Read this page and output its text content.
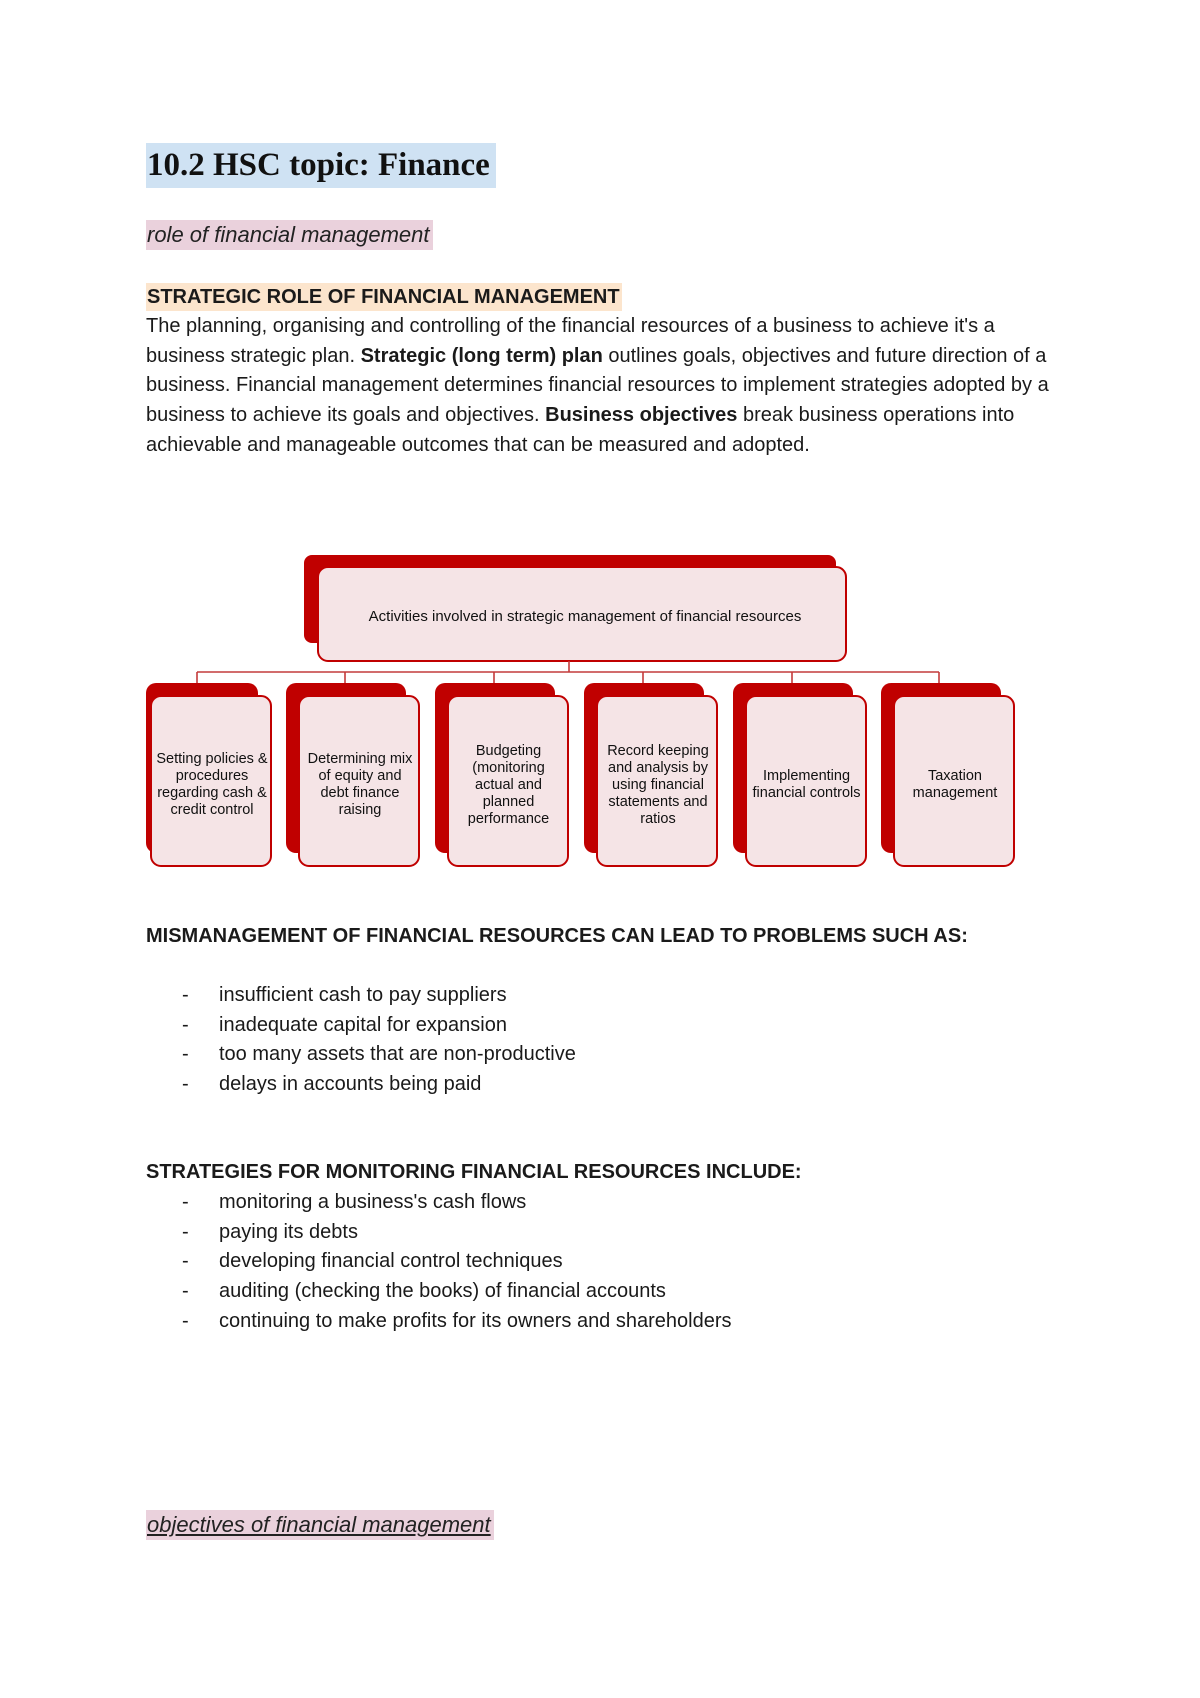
10.2 HSC topic: Finance
role of financial management
STRATEGIC ROLE OF FINANCIAL MANAGEMENT
The planning, organising and controlling of the financial resources of a business to achieve it's a business strategic plan. Strategic (long term) plan outlines goals, objectives and future direction of a business. Financial management determines financial resources to implement strategies adopted by a business to achieve its goals and objectives. Business objectives break business operations into achievable and manageable outcomes that can be measured and adopted.
Activities involved in strategic management of financial resources
Setting policies & procedures regarding cash & credit control
Determining mix of equity and debt finance raising
Budgeting (monitoring actual and planned performance
Record keeping and analysis by using financial statements and ratios
Implementing financial controls
Taxation management
MISMANAGEMENT OF FINANCIAL RESOURCES CAN LEAD TO PROBLEMS SUCH AS:
- insufficient cash to pay suppliers
- inadequate capital for expansion
- too many assets that are non-productive
- delays in accounts being paid
STRATEGIES FOR MONITORING FINANCIAL RESOURCES INCLUDE:
- monitoring a business's cash flows
- paying its debts
- developing financial control techniques
- auditing (checking the books) of financial accounts
- continuing to make profits for its owners and shareholders
objectives of financial management
